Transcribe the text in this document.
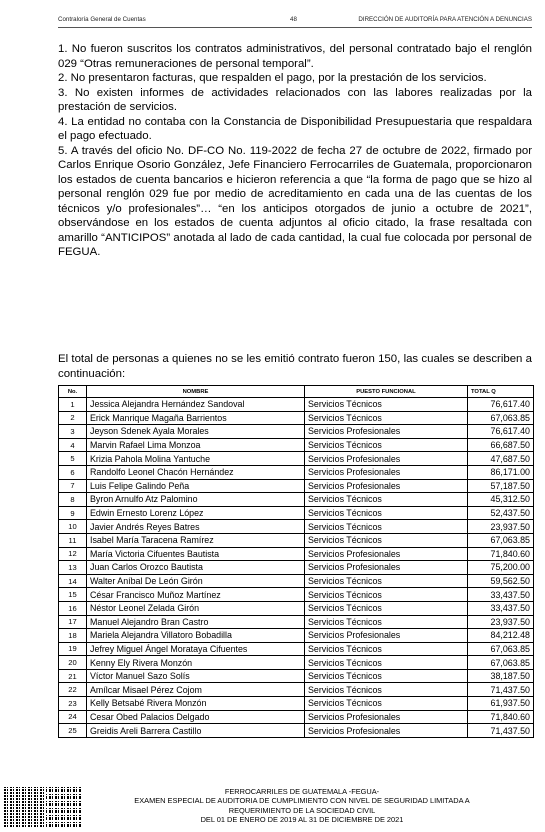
Contraloría General de Cuentas	48	DIRECCIÓN DE AUDITORÍA PARA ATENCIÓN A DENUNCIAS

1. No fueron suscritos los contratos administrativos, del personal contratado bajo el renglón 029 “Otras remuneraciones de personal temporal”.

2. No presentaron facturas, que respalden el pago, por la prestación de los servicios.

3. No existen informes de actividades relacionados con las labores realizadas por la prestación de servicios.

4. La entidad no contaba con la Constancia de Disponibilidad Presupuestaria que respaldara el pago efectuado.

5. A través del oficio No. DF-CO No. 119-2022 de fecha 27 de octubre de 2022, firmado por Carlos Enrique Osorio González, Jefe Financiero Ferrocarriles de Guatemala, proporcionaron los estados de cuenta bancarios e hicieron referencia a que “la forma de pago que se hizo al personal renglón 029 fue por medio de acreditamiento en cada una de las cuentas de los técnicos y/o profesionales”… “en los anticipos otorgados de junio a octubre de 2021”, observándose en los estados de cuenta adjuntos al oficio citado, la frase resaltada con amarillo “ANTICIPOS” anotada al lado de cada cantidad, la cual fue colocada por personal de FEGUA.

El total de personas a quienes no se les emitió contrato fueron 150, las cuales se describen a continuación:
No.	NOMBRE	PUESTO FUNCIONAL	TOTAL Q
1	Jessica Alejandra Hernández Sandoval	Servicios Técnicos	76,617.40
2	Erick Manrique Magaña Barrientos	Servicios Técnicos	67,063.85
3	Jeyson Sdenek Ayala Morales	Servicios Profesionales	76,617.40
4	Marvin Rafael Lima Monzoa	Servicios Técnicos	66,687.50
5	Krizia Pahola Molina Yantuche	Servicios Profesionales	47,687.50
6	Randolfo Leonel Chacón Hernández	Servicios Profesionales	86,171.00
7	Luis Felipe Galindo Peña	Servicios Profesionales	57,187.50
8	Byron Arnulfo Atz Palomino	Servicios Técnicos	45,312.50
9	Edwin Ernesto Lorenz López	Servicios Técnicos	52,437.50
10	Javier Andrés Reyes Batres	Servicios Técnicos	23,937.50
11	Isabel María Taracena Ramírez	Servicios Técnicos	67,063.85
12	María Victoria Cifuentes Bautista	Servicios Profesionales	71,840.60
13	Juan Carlos Orozco Bautista	Servicios Profesionales	75,200.00
14	Walter Aníbal De León Girón	Servicios Técnicos	59,562.50
15	César Francisco Muñoz Martínez	Servicios Técnicos	33,437.50
16	Néstor Leonel Zelada Girón	Servicios Técnicos	33,437.50
17	Manuel Alejandro Bran Castro	Servicios Técnicos	23,937.50
18	Mariela Alejandra Villatoro Bobadilla	Servicios Profesionales	84,212.48
19	Jefrey Miguel Ángel Morataya Cifuentes	Servicios Técnicos	67,063.85
20	Kenny Ely Rivera Monzón	Servicios Técnicos	67,063.85
21	Víctor Manuel Sazo Solís	Servicios Técnicos	38,187.50
22	Amílcar Misael Pérez Cojom	Servicios Técnicos	71,437.50
23	Kelly Betsabé Rivera Monzón	Servicios Técnicos	61,937.50
24	Cesar Obed Palacios Delgado	Servicios Profesionales	71,840.60
25	Greidis Areli Barrera Castillo	Servicios Profesionales	71,437.50
FERROCARRILES DE GUATEMALA -FEGUA-
EXAMEN ESPECIAL DE AUDITORIA DE CUMPLIMIENTO CON NIVEL DE SEGURIDAD LIMITADA A
REQUERIMIENTO DE LA SOCIEDAD CIVIL
DEL 01 DE ENERO DE 2019 AL 31 DE DICIEMBRE DE 2021
